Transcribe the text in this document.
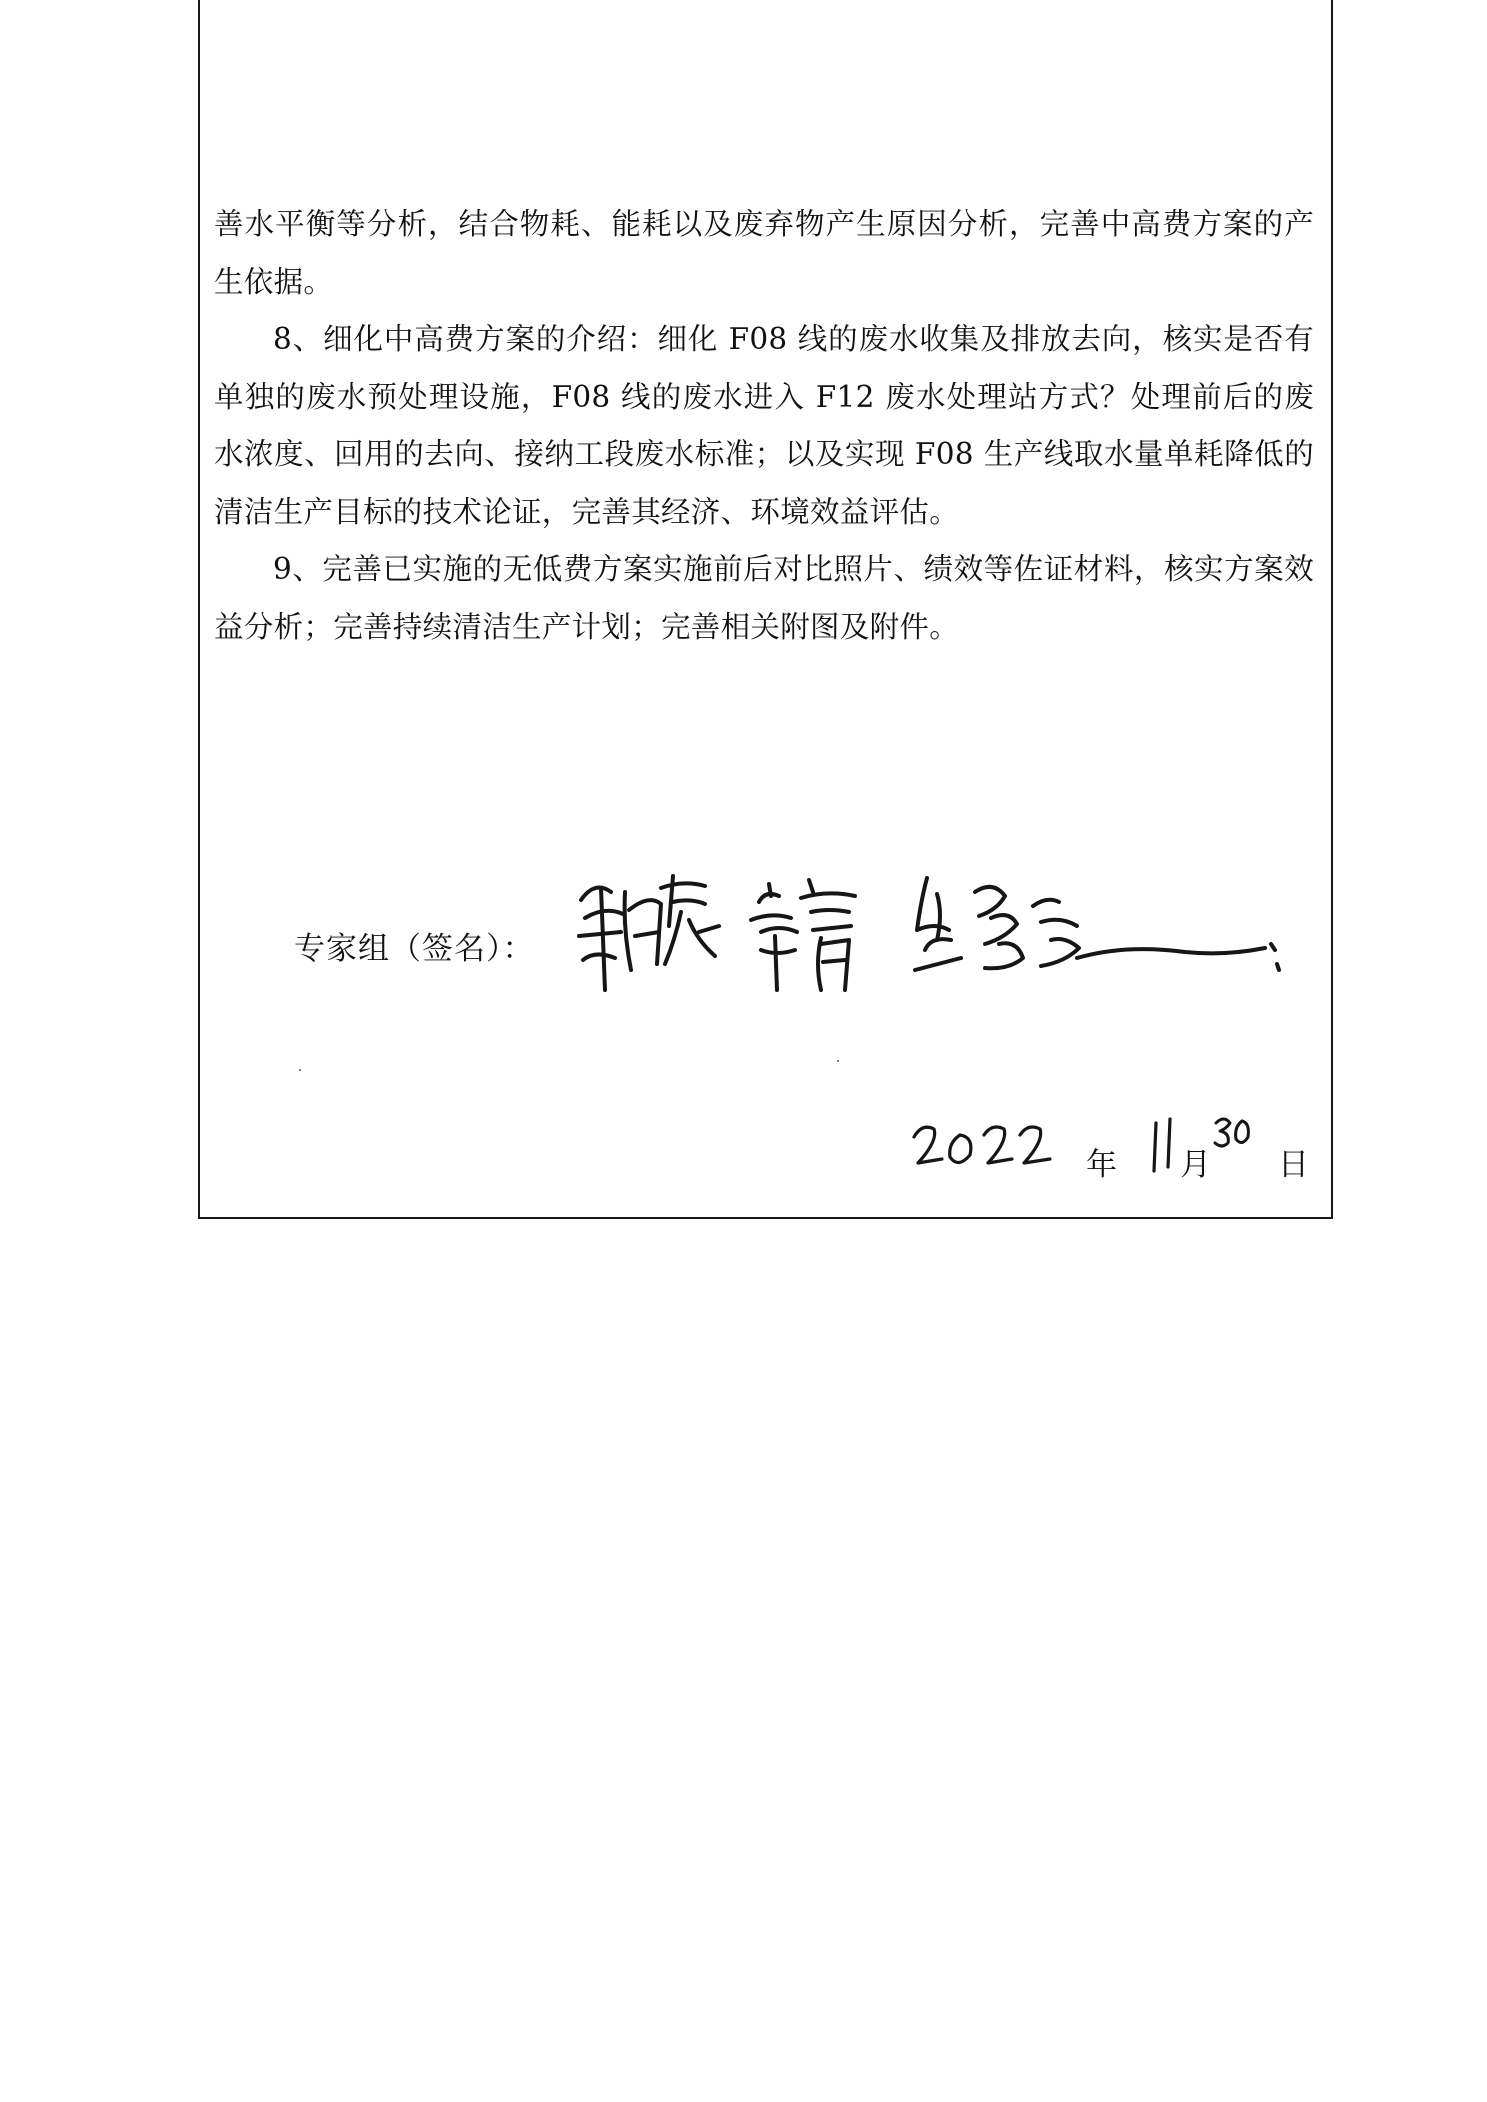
善水平衡等分析，结合物耗、能耗以及废弃物产生原因分析，完善中高费方案的产生依据。

8、细化中高费方案的介绍：细化 F08 线的废水收集及排放去向，核实是否有单独的废水预处理设施，F08 线的废水进入 F12 废水处理站方式？处理前后的废水浓度、回用的去向、接纳工段废水标准；以及实现 F08 生产线取水量单耗降低的清洁生产目标的技术论证，完善其经济、环境效益评估。

9、完善已实施的无低费方案实施前后对比照片、绩效等佐证材料，核实方案效益分析；完善持续清洁生产计划；完善相关附图及附件。

专家组（签名）：
年 月 日
